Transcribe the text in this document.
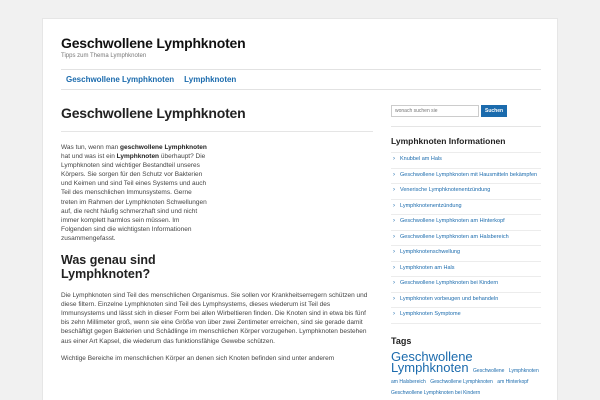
Geschwollene Lymphknoten
Tipps zum Thema Lymphknoten
Geschwollene Lymphknoten Lymphknoten
Geschwollene Lymphknoten

Was tun, wenn man geschwollene Lymphknoten hat und was ist ein Lymphknoten überhaupt? Die Lymphknoten sind wichtiger Bestandteil unseres Körpers. Sie sorgen für den Schutz vor Bakterien und Keimen und sind Teil eines Systems und auch Teil des menschlichen Immunsystems. Gerne treten im Rahmen der Lymphknoten Schwellungen auf, die recht häufig schmerzhaft sind und nicht immer komplett harmlos sein müssen. Im Folgenden sind die wichtigsten Informationen zusammengefasst.

Was genau sind Lymphknoten?

Die Lymphknoten sind Teil des menschlichen Organismus. Sie sollen vor Krankheitserregern schützen und diese filtern. Einzelne Lymphknoten sind Teil des Lymphsystems, dieses wiederum ist Teil des Immunsystems und lässt sich in dieser Form bei allen Wirbeltieren finden. Die Knoten sind in etwa bis fünf bis zehn Millimeter groß, wenn sie eine Größe von über zwei Zentimeter erreichen, sind sie gerade damit beschäftigt gegen Bakterien und Schädlinge im menschlichen Körper vorzugehen. Lymphknoten bestehen aus einer Art Kapsel, die wiederum das funktionsfähige Gewebe schützen.

Wichtige Bereiche im menschlichen Körper an denen sich Knoten befinden sind unter anderem

wonach suchen sie
Suchen
Lymphknoten Informationen
› Knubbel am Hals
› Geschwollene Lymphknoten mit Hausmitteln bekämpfen
› Venerische Lymphknotenentzündung
› Lymphknotenentzündung
› Geschwollene Lymphknoten am Hinterkopf
› Geschwollene Lymphknoten am Halsbereich
› Lymphknotenschwellung
› Lymphknoten am Hals
› Geschwollene Lymphknoten bei Kindern
› Lymphknoten vorbeugen und behandeln
› Lymphknoten Symptome
Tags
Geschwollene Lymphknoten Geschwollene Lymphknoten am Halsbereich Geschwollene Lymphknoten am Hinterkopf Geschwollene Lymphknoten bei Kindern
